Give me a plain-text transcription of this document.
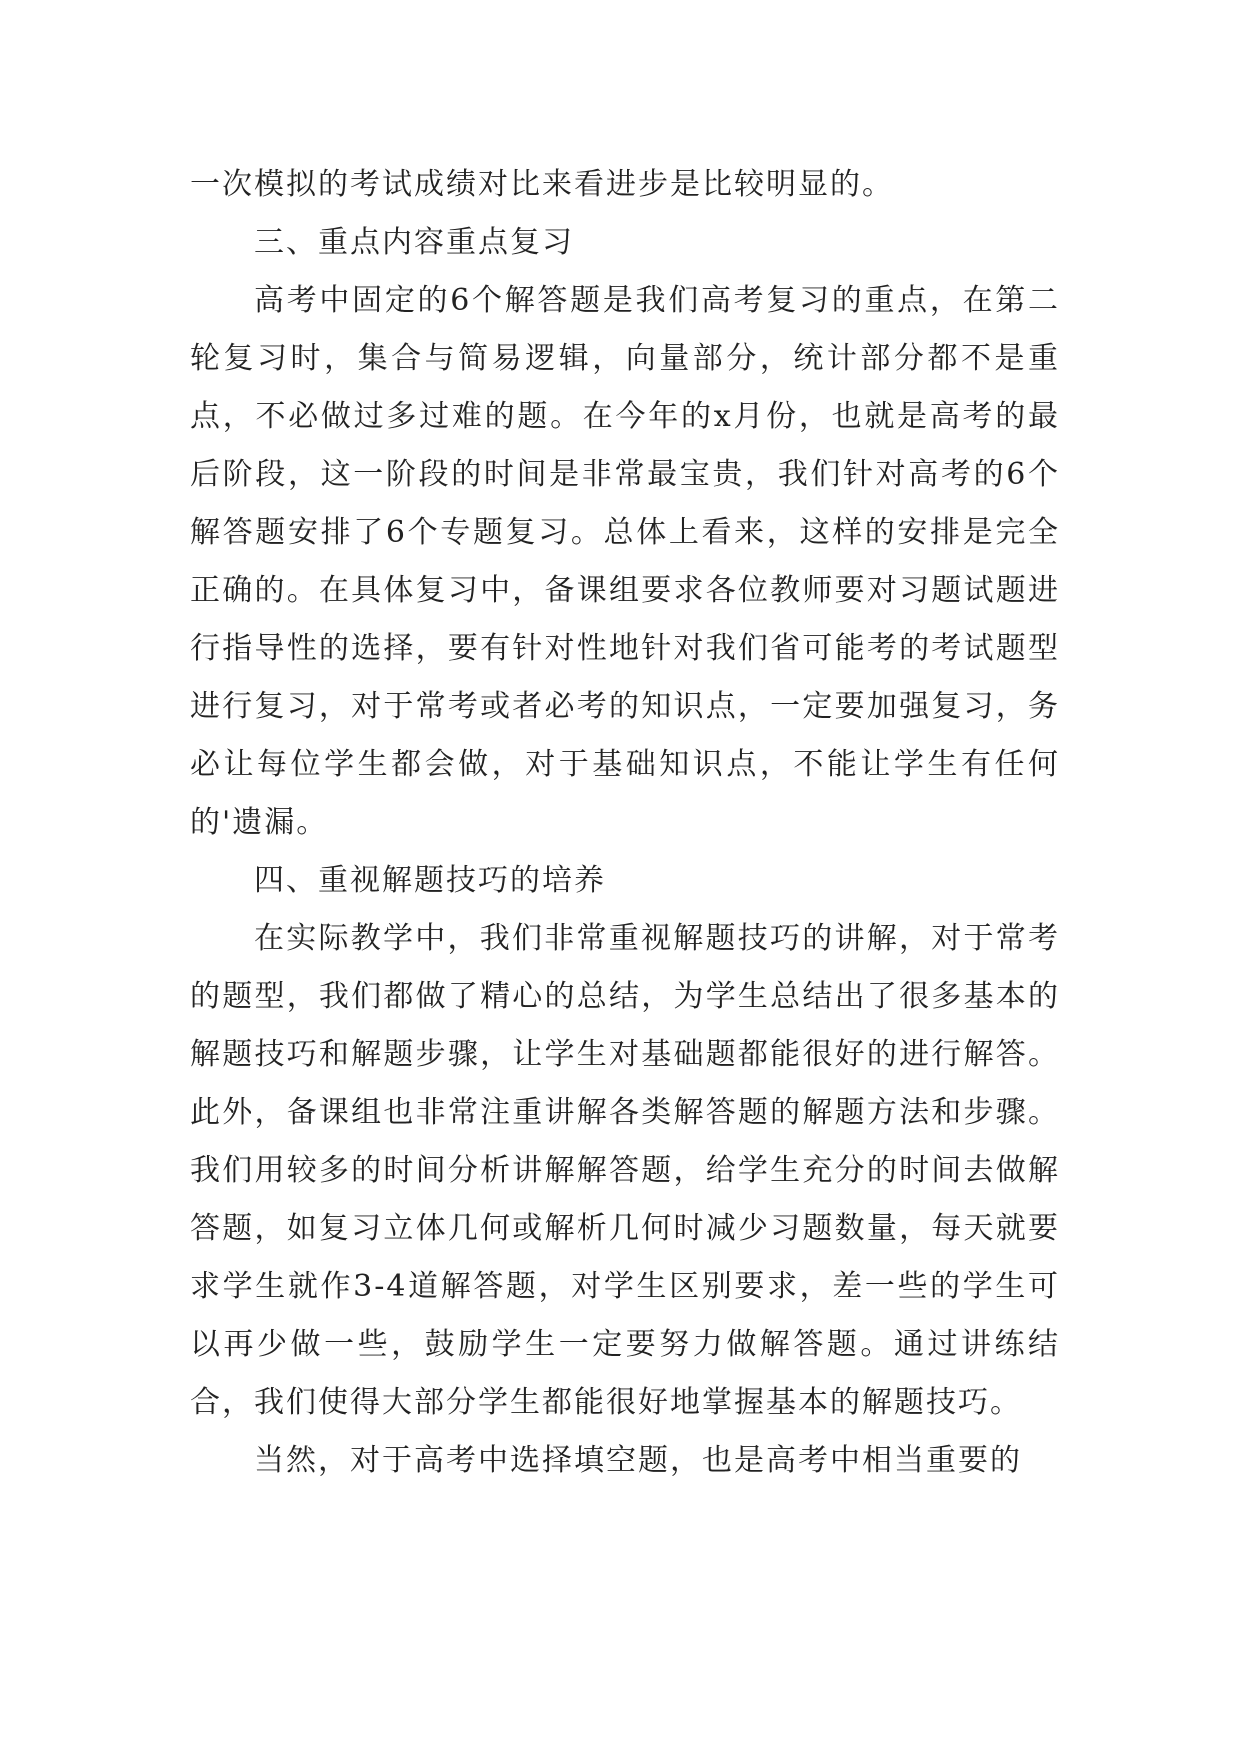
一次模拟的考试成绩对比来看进步是比较明显的。

三、重点内容重点复习

高考中固定的6个解答题是我们高考复习的重点，在第二轮复习时，集合与简易逻辑，向量部分，统计部分都不是重点，不必做过多过难的题。在今年的x月份，也就是高考的最后阶段，这一阶段的时间是非常最宝贵，我们针对高考的6个解答题安排了6个专题复习。总体上看来，这样的安排是完全正确的。在具体复习中，备课组要求各位教师要对习题试题进行指导性的选择，要有针对性地针对我们省可能考的考试题型进行复习，对于常考或者必考的知识点，一定要加强复习，务必让每位学生都会做，对于基础知识点，不能让学生有任何的'遗漏。

四、重视解题技巧的培养

在实际教学中，我们非常重视解题技巧的讲解，对于常考的题型，我们都做了精心的总结，为学生总结出了很多基本的解题技巧和解题步骤，让学生对基础题都能很好的进行解答。此外，备课组也非常注重讲解各类解答题的解题方法和步骤。我们用较多的时间分析讲解解答题，给学生充分的时间去做解答题，如复习立体几何或解析几何时减少习题数量，每天就要求学生就作3-4道解答题，对学生区别要求，差一些的学生可以再少做一些，鼓励学生一定要努力做解答题。通过讲练结合，我们使得大部分学生都能很好地掌握基本的解题技巧。

当然，对于高考中选择填空题，也是高考中相当重要的
